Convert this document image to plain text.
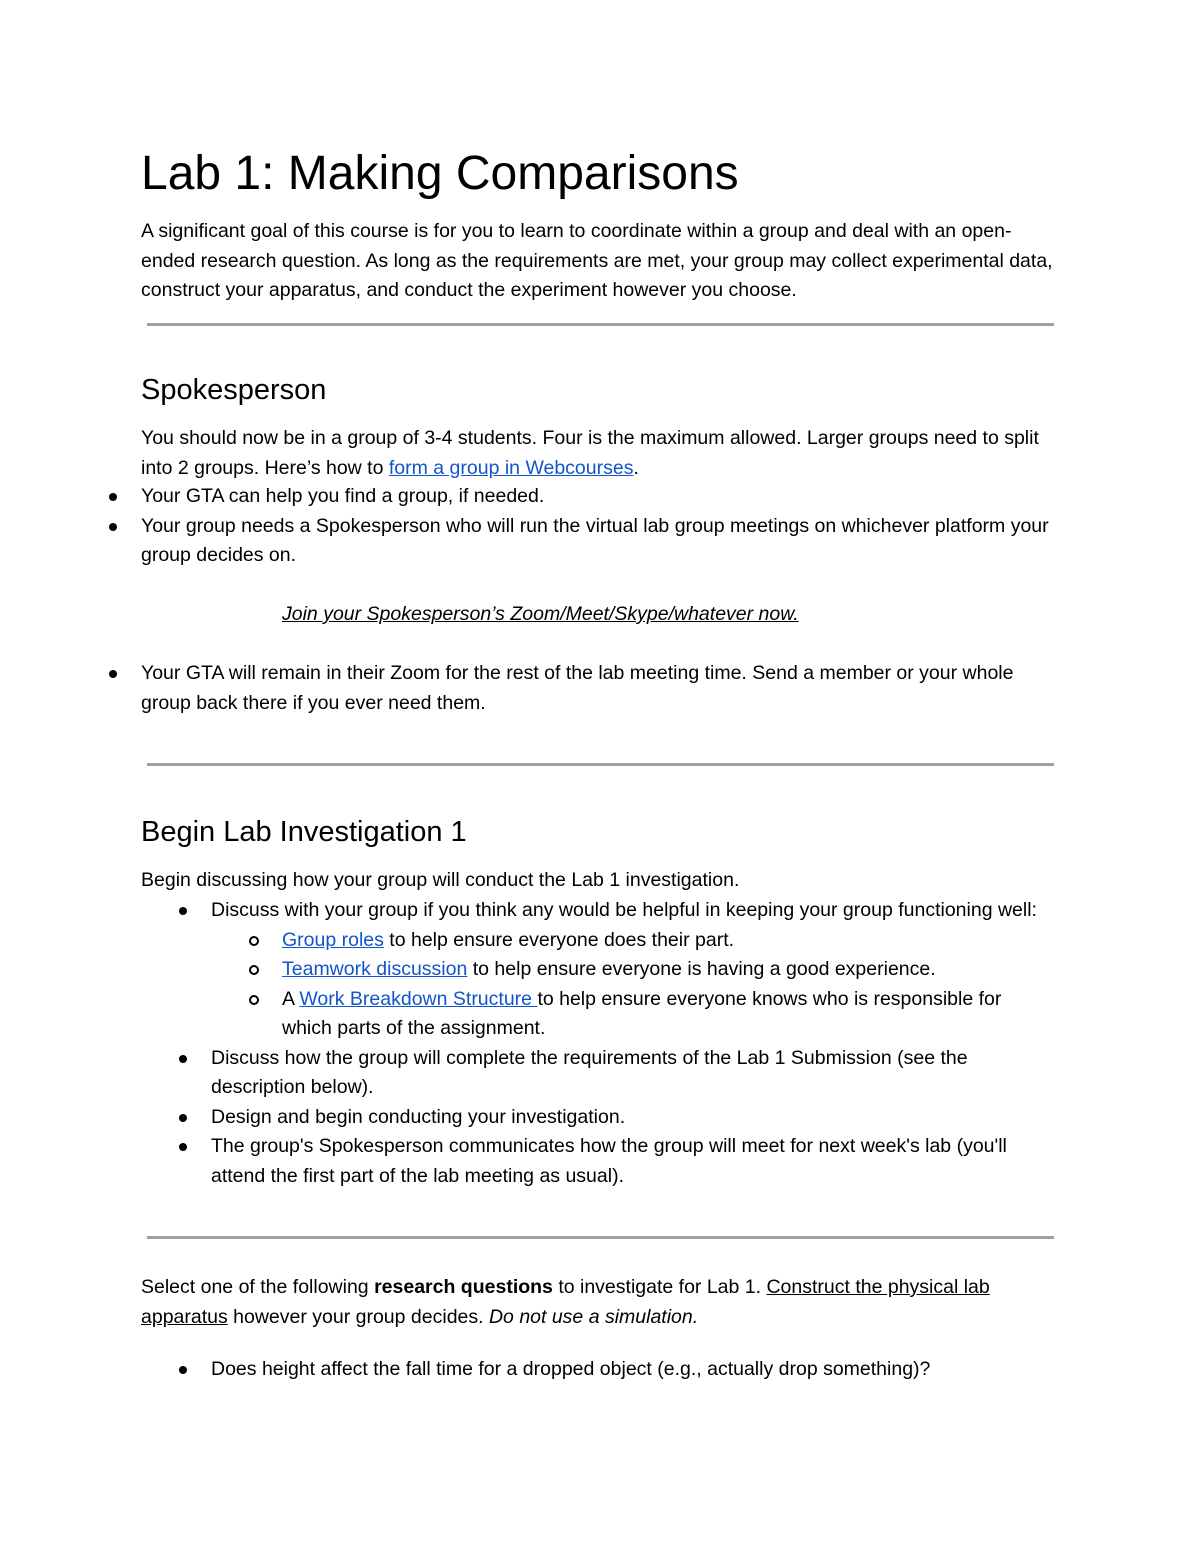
Lab 1: Making Comparisons

A significant goal of this course is for you to learn to coordinate within a group and deal with an open-ended research question. As long as the requirements are met, your group may collect experimental data, construct your apparatus, and conduct the experiment however you choose.

Spokesperson

You should now be in a group of 3-4 students. Four is the maximum allowed. Larger groups need to split into 2 groups. Here’s how to form a group in Webcourses.

Your GTA can help you find a group, if needed.
Your group needs a Spokesperson who will run the virtual lab group meetings on whichever platform your group decides on.

Join your Spokesperson’s Zoom/Meet/Skype/whatever now.

Your GTA will remain in their Zoom for the rest of the lab meeting time. Send a member or your whole group back there if you ever need them.
Begin Lab Investigation 1

Begin discussing how your group will conduct the Lab 1 investigation.

Discuss with your group if you think any would be helpful in keeping your group functioning well:
Group roles to help ensure everyone does their part.
Teamwork discussion to help ensure everyone is having a good experience.
A Work Breakdown Structure to help ensure everyone knows who is responsible for which parts of the assignment.
Discuss how the group will complete the requirements of the Lab 1 Submission (see the description below).
Design and begin conducting your investigation.
The group's Spokesperson communicates how the group will meet for next week's lab (you'll attend the first part of the lab meeting as usual).

Select one of the following research questions to investigate for Lab 1. Construct the physical lab apparatus however your group decides. Do not use a simulation.

Does height affect the fall time for a dropped object (e.g., actually drop something)?
